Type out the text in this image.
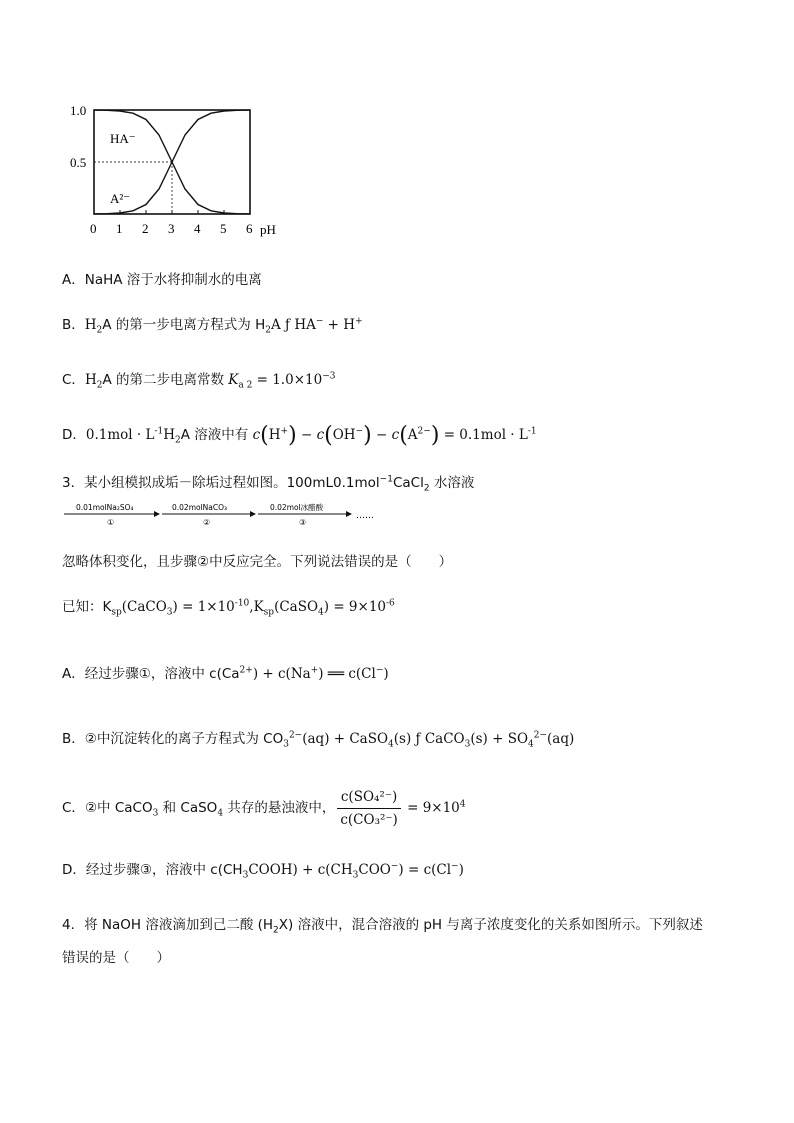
0 1 2 3 4 5 6
1.0
0.5
pH
HA⁻
A²⁻
A．NaHA 溶于水将抑制水的电离
B．$H_2A$ 的第一步电离方程式为 $H_2A$ ƒ HA− + H+
C．$H_2A$ 的第二步电离常数 $K_{a 2} = 1.0\times 10^{-3}$
D．$0.1mol \cdot L^{-1}H_2A$ 溶液中有 $c(H^+) - c(OH^-) - c(A^{2-}) = 0.1mol \cdot L^{-1}$
3．某小组模拟成垢－除垢过程如图。100mL0.1mol$^{-1}$CaCl$_2$ 水溶液
0.01molNa₂SO₄
①
0.02molNaCO₃
②
0.02mol冰醋酸
③
……
忽略体积变化，且步骤②中反应完全。下列说法错误的是（　　）
已知：$K_{sp}(CaCO_3)$ = $1\times 10^{-10},K_{sp}(CaSO_4) = 9\times 10^{-6}$
A．经过步骤①，溶液中 $c(Ca^{2+}) + c(Na^+)$ ══ c(Cl−)
B．②中沉淀转化的离子方程式为 $CO_3^{2-}(aq)$ + CaSO$_4$(s) ƒ CaCO$_3$(s) + $SO_4^{2-}(aq)$
C．②中 CaCO$_3$ 和 CaSO$_4$ 共存的悬浊液中， $\frac{\text{c(SO₄²⁻)}}{\text{c(CO₃²⁻)}} = 9\times 10^4$
D．经过步骤③，溶液中 $c(CH_3COOH) + c(CH_3COO^-) = c(Cl^-)$
4．将 NaOH 溶液滴加到己二酸 $(H_2X)$ 溶液中，混合溶液的 pH 与离子浓度变化的关系如图所示。下列叙述
错误的是（　　）
